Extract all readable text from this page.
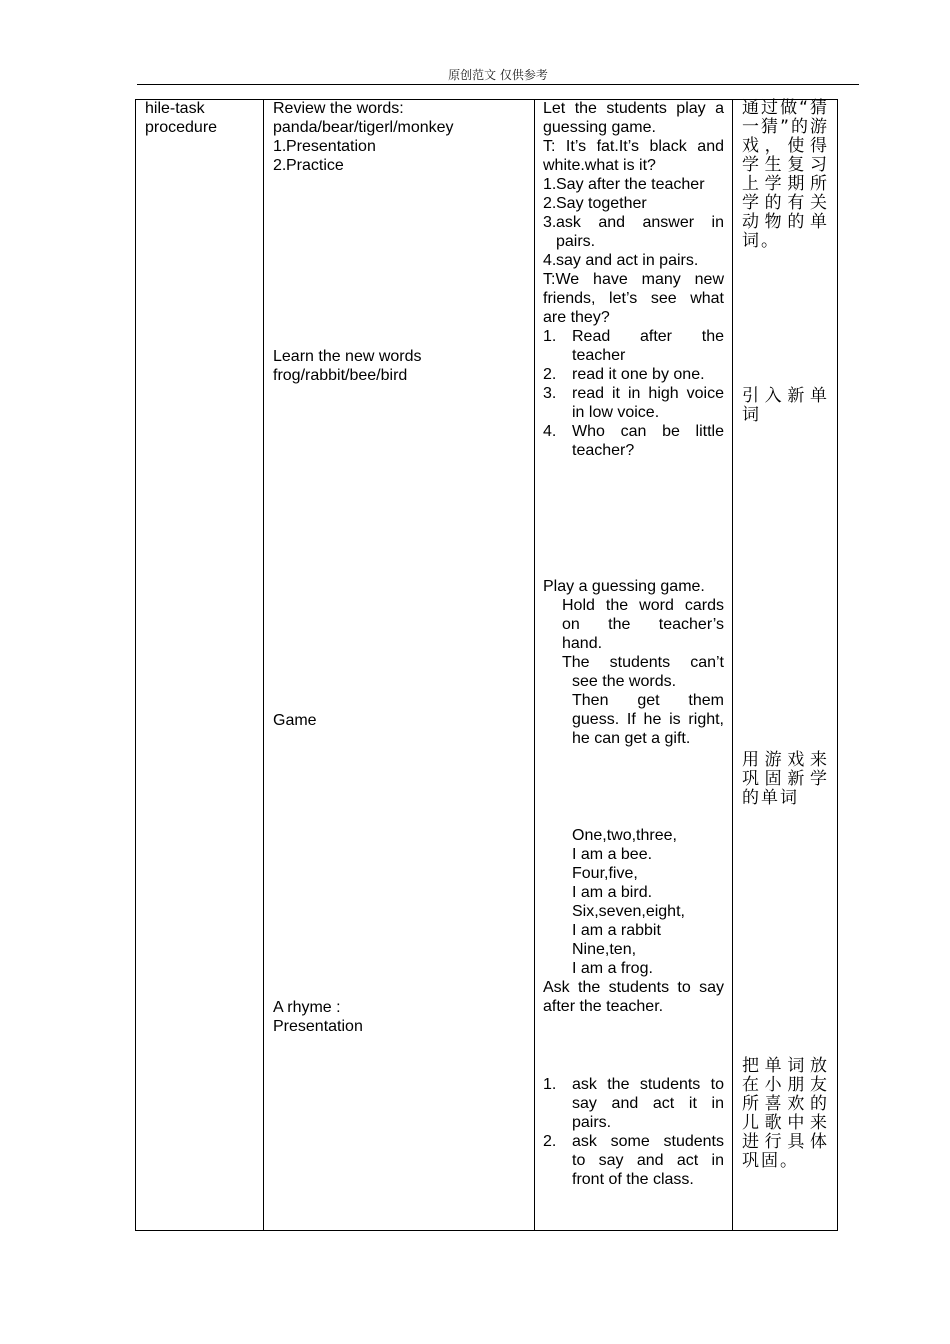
原创范文 仅供参考
hile-task
procedure
Review the words:
panda/bear/tigerl/monkey
1. Presentation
2. Practice
Learn the new words
frog/rabbit/bee/bird
Game
A rhyme :
Presentation
Let the students play a
guessing game.
T: It’s fat.It’s black and
white.what is it?
1. Say after the teacher
2. Say together
3. ask and answer in
pairs.
4. say and act in pairs.
T:We have many new
friends, let’s see what
are they?
1. Read after the
teacher
2. read it one by one.
3. read it in high voice
in low voice.
4. Who can be little
teacher?
Play a guessing game.
Hold the word cards
on the teacher’s
hand.
The students can’t
see the words.
Then get them
guess. If he is right,
he can get a gift.
One,two,three,
I am a bee.
Four,five,
I am a bird.
Six,seven,eight,
I am a rabbit
Nine,ten,
I am a frog.
Ask the students to say
after the teacher.
1. ask the students to
say and act it in
pairs.
2. ask some students
to say and act in
front of the class.
通过做“猜一猜”的游戏，使得学生复习上学期所学的有关动物的单词。
引入新单词
用游戏来巩固新学的单词
把单词放在小朋友所喜欢的儿歌中来进行具体巩固。
